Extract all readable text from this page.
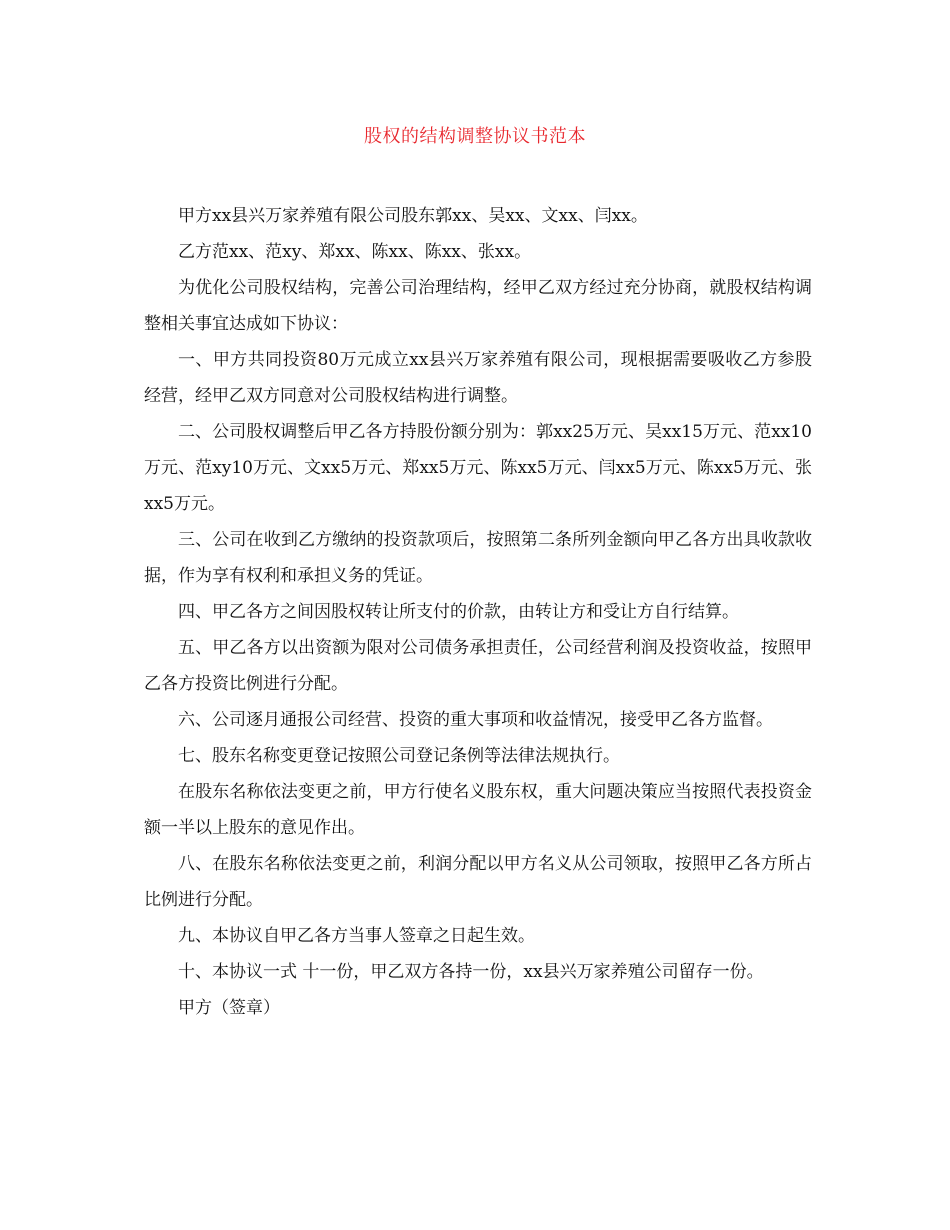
股权的结构调整协议书范本

甲方xx县兴万家养殖有限公司股东郭xx、吴xx、文xx、闫xx。

乙方范xx、范xy、郑xx、陈xx、陈xx、张xx。

为优化公司股权结构，完善公司治理结构，经甲乙双方经过充分协商，就股权结构调整相关事宜达成如下协议：

一、甲方共同投资80万元成立xx县兴万家养殖有限公司，现根据需要吸收乙方参股经营，经甲乙双方同意对公司股权结构进行调整。

二、公司股权调整后甲乙各方持股份额分别为：郭xx25万元、吴xx15万元、范xx10万元、范xy10万元、文xx5万元、郑xx5万元、陈xx5万元、闫xx5万元、陈xx5万元、张xx5万元。

三、公司在收到乙方缴纳的投资款项后，按照第二条所列金额向甲乙各方出具收款收据，作为享有权利和承担义务的凭证。

四、甲乙各方之间因股权转让所支付的价款，由转让方和受让方自行结算。

五、甲乙各方以出资额为限对公司债务承担责任，公司经营利润及投资收益，按照甲乙各方投资比例进行分配。

六、公司逐月通报公司经营、投资的重大事项和收益情况，接受甲乙各方监督。

七、股东名称变更登记按照公司登记条例等法律法规执行。

在股东名称依法变更之前，甲方行使名义股东权，重大问题决策应当按照代表投资金额一半以上股东的意见作出。

八、在股东名称依法变更之前，利润分配以甲方名义从公司领取，按照甲乙各方所占比例进行分配。

九、本协议自甲乙各方当事人签章之日起生效。

十、本协议一式 十一份，甲乙双方各持一份，xx县兴万家养殖公司留存一份。

甲方（签章）
